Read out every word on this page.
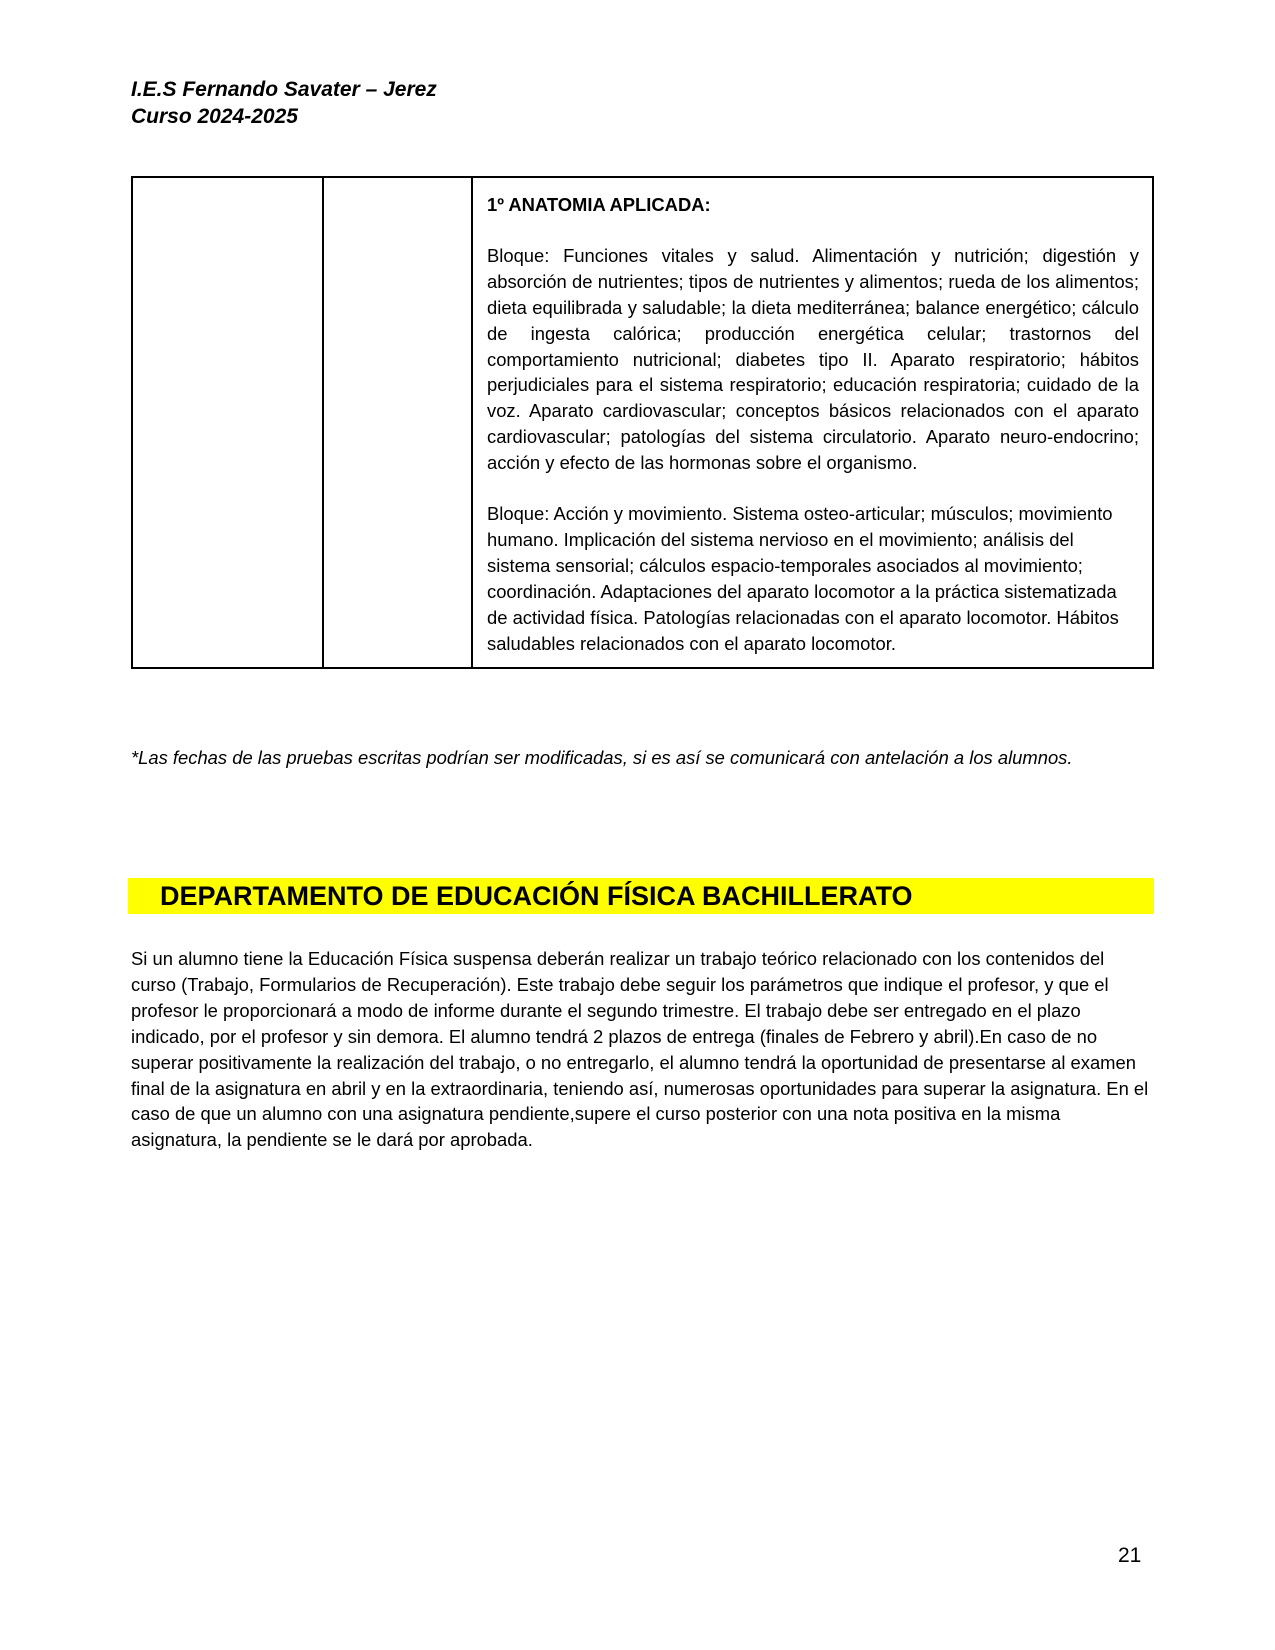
I.E.S Fernando Savater – Jerez
Curso 2024-2025

1º ANATOMIA APLICADA:

Bloque: Funciones vitales y salud. Alimentación y nutrición; digestión y absorción de nutrientes; tipos de nutrientes y alimentos; rueda de los alimentos; dieta equilibrada y saludable; la dieta mediterránea; balance energético; cálculo de ingesta calórica; producción energética celular; trastornos del comportamiento nutricional; diabetes tipo II. Aparato respiratorio; hábitos perjudiciales para el sistema respiratorio; educación respiratoria; cuidado de la voz. Aparato cardiovascular; conceptos básicos relacionados con el aparato cardiovascular; patologías del sistema circulatorio. Aparato neuro-endocrino; acción y efecto de las hormonas sobre el organismo.

Bloque: Acción y movimiento. Sistema osteo-articular; músculos; movimiento humano. Implicación del sistema nervioso en el movimiento; análisis del sistema sensorial; cálculos espacio-temporales asociados al movimiento; coordinación. Adaptaciones del aparato locomotor a la práctica sistematizada de actividad física. Patologías relacionadas con el aparato locomotor. Hábitos saludables relacionados con el aparato locomotor.

*Las fechas de las pruebas escritas podrían ser modificadas, si es así se comunicará con antelación a los alumnos.
DEPARTAMENTO DE EDUCACIÓN FÍSICA BACHILLERATO
Si un alumno tiene la Educación Física suspensa deberán realizar un trabajo teórico relacionado con los contenidos del curso (Trabajo, Formularios de Recuperación). Este trabajo debe seguir los parámetros que indique el profesor, y que el profesor le proporcionará a modo de informe durante el segundo trimestre. El trabajo debe ser entregado en el plazo indicado, por el profesor y sin demora. El alumno tendrá 2 plazos de entrega (finales de Febrero y abril).En caso de no superar positivamente la realización del trabajo, o no entregarlo, el alumno tendrá la oportunidad de presentarse al examen final de la asignatura en abril y en la extraordinaria, teniendo así, numerosas oportunidades para superar la asignatura. En el caso de que un alumno con una asignatura pendiente,supere el curso posterior con una nota positiva en la misma asignatura, la pendiente se le dará por aprobada.
21
